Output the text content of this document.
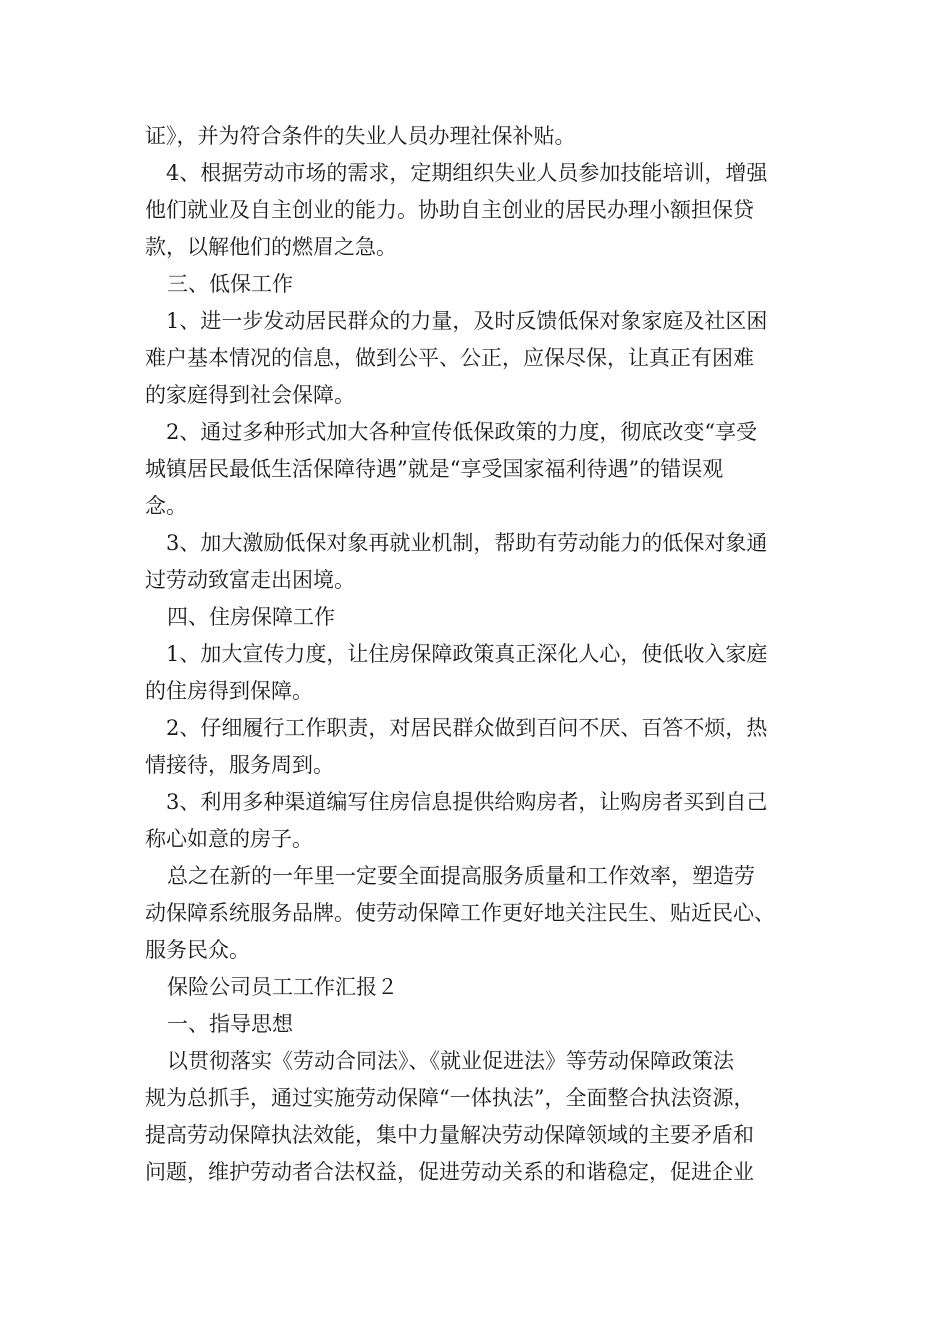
证》，并为符合条件的失业人员办理社保补贴。
4、根据劳动市场的需求，定期组织失业人员参加技能培训，增强
他们就业及自主创业的能力。协助自主创业的居民办理小额担保贷
款，以解他们的燃眉之急。
三、低保工作
1、进一步发动居民群众的力量，及时反馈低保对象家庭及社区困
难户基本情况的信息，做到公平、公正，应保尽保，让真正有困难
的家庭得到社会保障。
2、通过多种形式加大各种宣传低保政策的力度，彻底改变“享受
城镇居民最低生活保障待遇”就是“享受国家福利待遇”的错误观
念。
3、加大激励低保对象再就业机制，帮助有劳动能力的低保对象通
过劳动致富走出困境。
四、住房保障工作
1、加大宣传力度，让住房保障政策真正深化人心，使低收入家庭
的住房得到保障。
2、仔细履行工作职责，对居民群众做到百问不厌、百答不烦，热
情接待，服务周到。
3、利用多种渠道编写住房信息提供给购房者，让购房者买到自己
称心如意的房子。
总之在新的一年里一定要全面提高服务质量和工作效率，塑造劳
动保障系统服务品牌。使劳动保障工作更好地关注民生、贴近民心、
服务民众。
保险公司员工工作汇报２
一、指导思想
以贯彻落实《劳动合同法》、《就业促进法》等劳动保障政策法
规为总抓手，通过实施劳动保障“一体执法”，全面整合执法资源，
提高劳动保障执法效能，集中力量解决劳动保障领域的主要矛盾和
问题，维护劳动者合法权益，促进劳动关系的和谐稳定，促进企业
